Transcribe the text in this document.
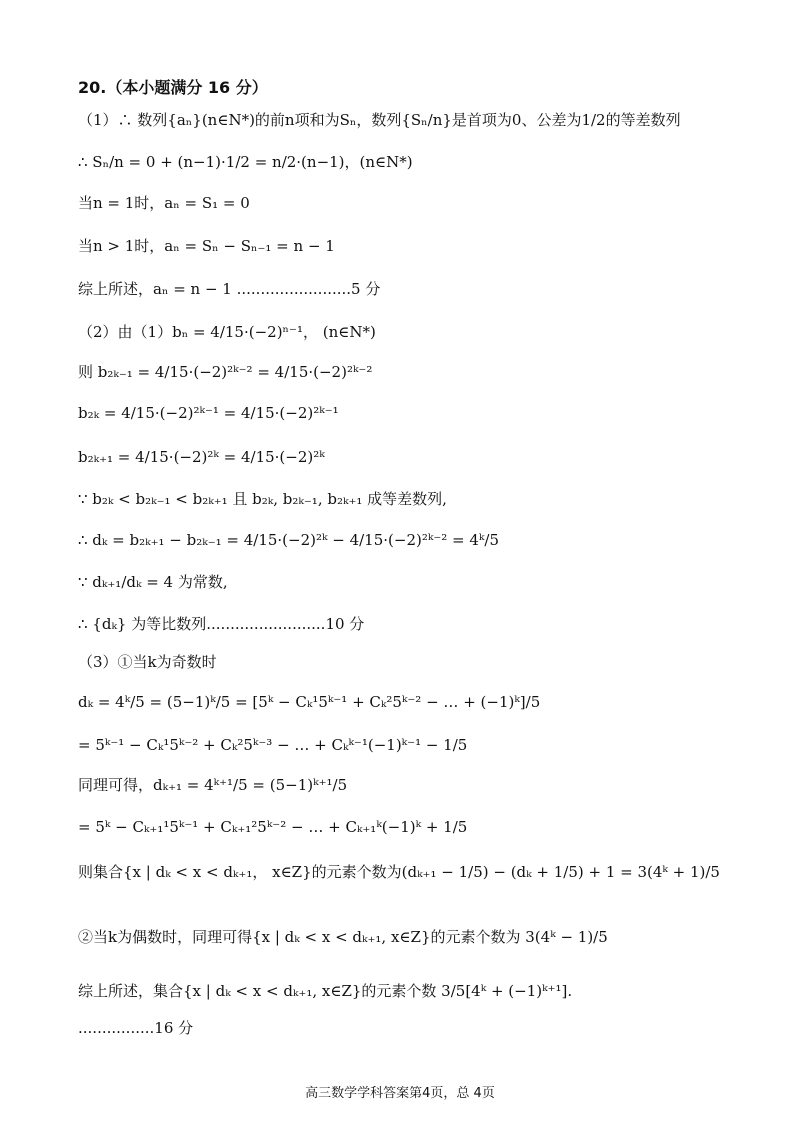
20.（本小题满分 16 分）
（1）∴ 数列{aₙ}(n∈N*)的前n项和为Sₙ，数列{Sₙ/n}是首项为0、公差为1/2的等差数列
∴ Sₙ/n = 0 + (n−1)·1/2 = n/2·(n−1)，(n∈N*)
当n = 1时，aₙ = S₁ = 0
当n > 1时，aₙ = Sₙ − Sₙ₋₁ = n − 1
综上所述，aₙ = n − 1 ........................5 分
（2）由（1）bₙ = 4/15·(−2)ⁿ⁻¹， (n∈N*)
则 b₂ₖ₋₁ = 4/15·(−2)²ᵏ⁻² = 4/15·(−2)²ᵏ⁻²
b₂ₖ = 4/15·(−2)²ᵏ⁻¹ = 4/15·(−2)²ᵏ⁻¹
b₂ₖ₊₁ = 4/15·(−2)²ᵏ = 4/15·(−2)²ᵏ
∵ b₂ₖ < b₂ₖ₋₁ < b₂ₖ₊₁ 且 b₂ₖ, b₂ₖ₋₁, b₂ₖ₊₁ 成等差数列,
∴ dₖ = b₂ₖ₊₁ − b₂ₖ₋₁ = 4/15·(−2)²ᵏ − 4/15·(−2)²ᵏ⁻² = 4ᵏ/5
∵ dₖ₊₁/dₖ = 4 为常数,
∴ {dₖ} 为等比数列.........................10 分
（3）①当k为奇数时
dₖ = 4ᵏ/5 = (5−1)ᵏ/5 = [5ᵏ − Cₖ¹5ᵏ⁻¹ + Cₖ²5ᵏ⁻² − … + (−1)ᵏ]/5
= 5ᵏ⁻¹ − Cₖ¹5ᵏ⁻² + Cₖ²5ᵏ⁻³ − … + Cₖᵏ⁻¹(−1)ᵏ⁻¹ − 1/5
同理可得，dₖ₊₁ = 4ᵏ⁺¹/5 = (5−1)ᵏ⁺¹/5
= 5ᵏ − Cₖ₊₁¹5ᵏ⁻¹ + Cₖ₊₁²5ᵏ⁻² − … + Cₖ₊₁ᵏ(−1)ᵏ + 1/5
则集合{x | dₖ < x < dₖ₊₁， x∈Z}的元素个数为(dₖ₊₁ − 1/5) − (dₖ + 1/5) + 1 = 3(4ᵏ + 1)/5
②当k为偶数时，同理可得{x | dₖ < x < dₖ₊₁, x∈Z}的元素个数为 3(4ᵏ − 1)/5
综上所述，集合{x | dₖ < x < dₖ₊₁, x∈Z}的元素个数 3/5[4ᵏ + (−1)ᵏ⁺¹].
................16 分
高三数学学科答案第4页，总 4页
